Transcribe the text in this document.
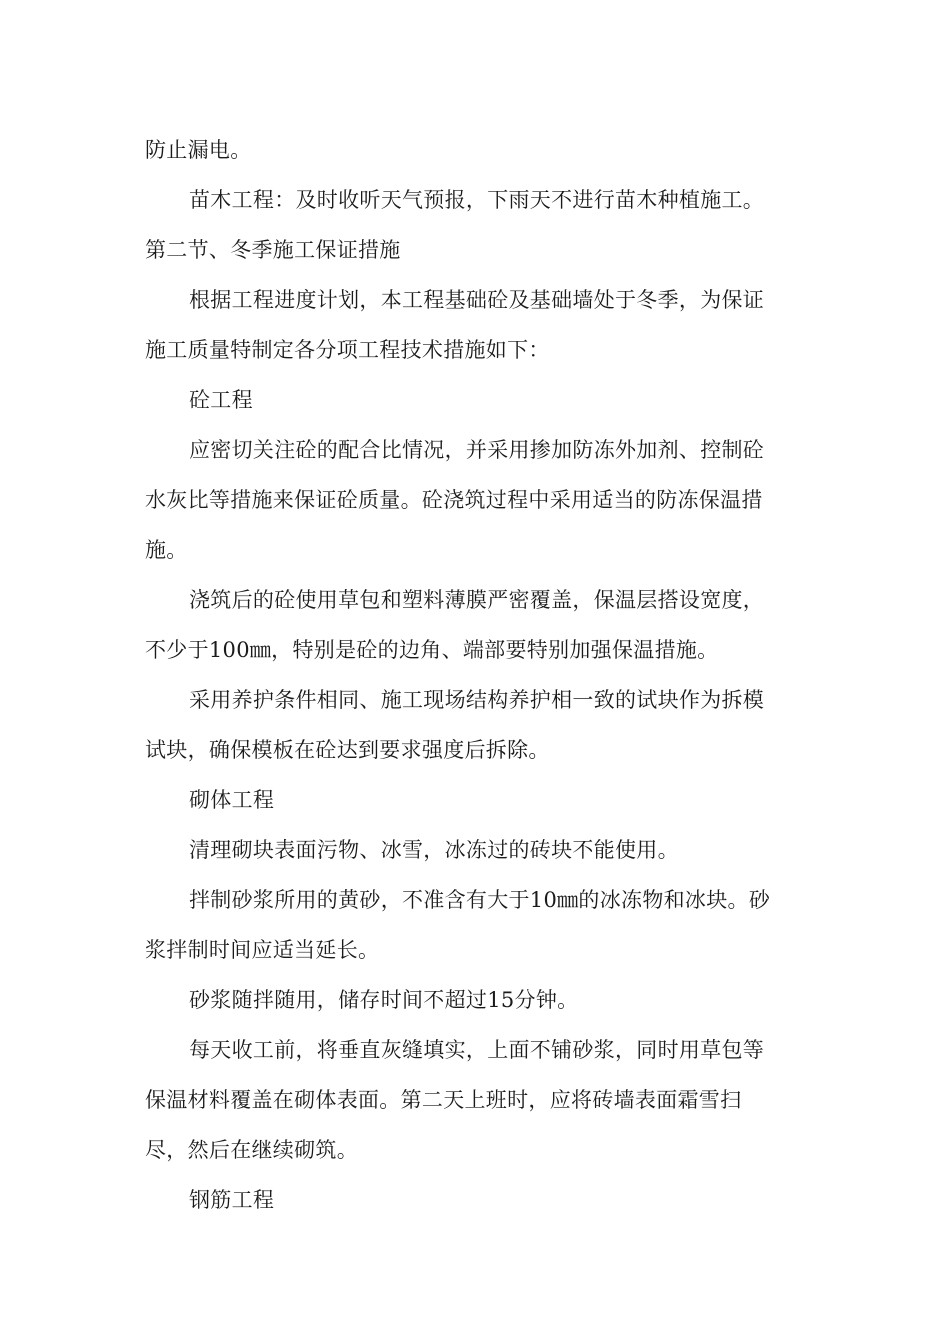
防止漏电。

苗木工程：及时收听天气预报，下雨天不进行苗木种植施工。

第二节、冬季施工保证措施

根据工程进度计划，本工程基础砼及基础墙处于冬季，为保证

施工质量特制定各分项工程技术措施如下：

砼工程

应密切关注砼的配合比情况，并采用掺加防冻外加剂、控制砼

水灰比等措施来保证砼质量。砼浇筑过程中采用适当的防冻保温措

施。

浇筑后的砼使用草包和塑料薄膜严密覆盖，保温层搭设宽度，

不少于100㎜，特别是砼的边角、端部要特别加强保温措施。

采用养护条件相同、施工现场结构养护相一致的试块作为拆模

试块，确保模板在砼达到要求强度后拆除。

砌体工程

清理砌块表面污物、冰雪，冰冻过的砖块不能使用。

拌制砂浆所用的黄砂，不准含有大于10㎜的冰冻物和冰块。砂

浆拌制时间应适当延长。

砂浆随拌随用，储存时间不超过15分钟。

每天收工前，将垂直灰缝填实，上面不铺砂浆，同时用草包等

保温材料覆盖在砌体表面。第二天上班时，应将砖墙表面霜雪扫

尽，然后在继续砌筑。

钢筋工程
